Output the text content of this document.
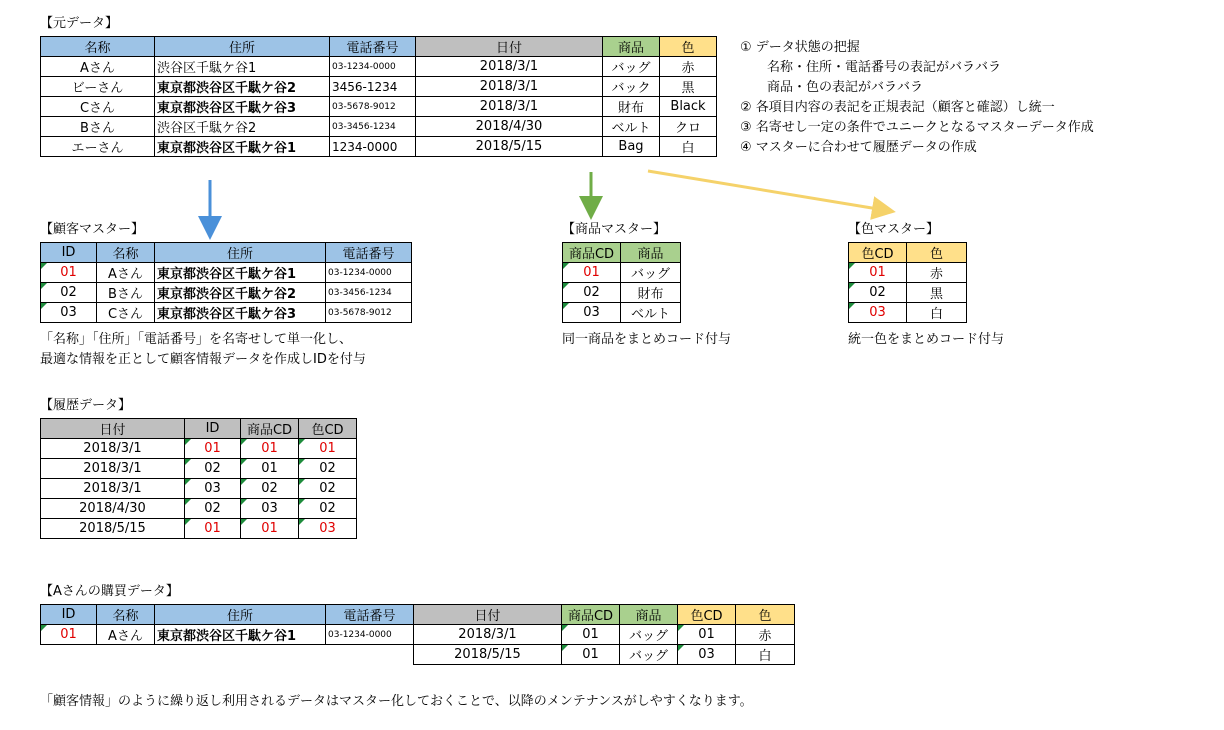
【元データ】
名称	住所	電話番号	日付	商品	色
Aさん	渋谷区千駄ケ谷1	03-1234-0000	2018/3/1	バッグ	赤
ビーさん	東京都渋谷区千駄ケ谷2	3456-1234	2018/3/1	バック	黒
Cさん	東京都渋谷区千駄ケ谷3	03-5678-9012	2018/3/1	財布	Black
Bさん	渋谷区千駄ケ谷2	03-3456-1234	2018/4/30	ベルト	クロ
エーさん	東京都渋谷区千駄ケ谷1	1234-0000	2018/5/15	Bag	白
① データ状態の把握
名称・住所・電話番号の表記がバラバラ
商品・色の表記がバラバラ
② 各項目内容の表記を正規表記（顧客と確認）し統一
③ 名寄せし一定の条件でユニークとなるマスターデータ作成
④ マスターに合わせて履歴データの作成
【顧客マスター】
ID	名称	住所	電話番号
01	Aさん	東京都渋谷区千駄ケ谷1	03-1234-0000
02	Bさん	東京都渋谷区千駄ケ谷2	03-3456-1234
03	Cさん	東京都渋谷区千駄ケ谷3	03-5678-9012
「名称」「住所」「電話番号」を名寄せして単一化し、
最適な情報を正として顧客情報データを作成しIDを付与
【商品マスター】
商品CD	商品
01	バッグ
02	財布
03	ベルト
同一商品をまとめコード付与
【色マスター】
色CD	色
01	赤
02	黒
03	白
統一色をまとめコード付与
【履歴データ】
日付	ID	商品CD	色CD
2018/3/1	01	01	01
2018/3/1	02	01	02
2018/3/1	03	02	02
2018/4/30	02	03	02
2018/5/15	01	01	03
【Aさんの購買データ】
ID	名称	住所	電話番号	日付	商品CD	商品	色CD	色
01	Aさん	東京都渋谷区千駄ケ谷1	03-1234-0000	2018/3/1	01	バッグ	01	赤
				2018/5/15	01	バッグ	03	白
「顧客情報」のように繰り返し利用されるデータはマスター化しておくことで、以降のメンテナンスがしやすくなります。
